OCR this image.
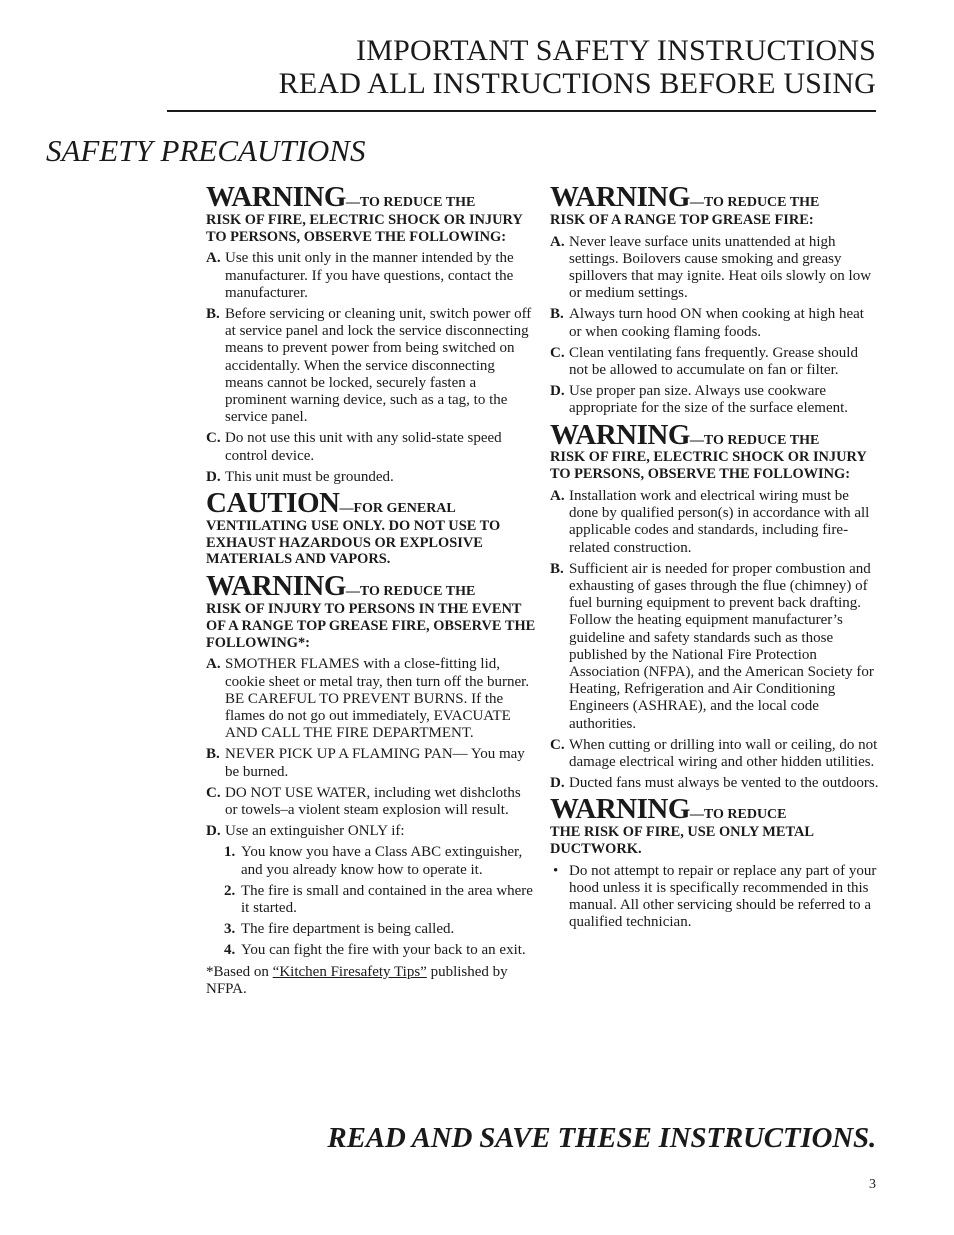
IMPORTANT SAFETY INSTRUCTIONS
READ ALL INSTRUCTIONS BEFORE USING
SAFETY PRECAUTIONS
WARNING—TO REDUCE THE
RISK OF FIRE, ELECTRIC SHOCK OR INJURY TO PERSONS, OBSERVE THE FOLLOWING:
A. Use this unit only in the manner intended by the manufacturer. If you have questions, contact the manufacturer.
B. Before servicing or cleaning unit, switch power off at service panel and lock the service disconnecting means to prevent power from being switched on accidentally. When the service disconnecting means cannot be locked, securely fasten a prominent warning device, such as a tag, to the service panel.
C. Do not use this unit with any solid-state speed control device.
D. This unit must be grounded.
CAUTION—FOR GENERAL
VENTILATING USE ONLY. DO NOT USE TO EXHAUST HAZARDOUS OR EXPLOSIVE MATERIALS AND VAPORS.
WARNING—TO REDUCE THE
RISK OF INJURY TO PERSONS IN THE EVENT OF A RANGE TOP GREASE FIRE, OBSERVE THE FOLLOWING*:
A. SMOTHER FLAMES with a close-fitting lid, cookie sheet or metal tray, then turn off the burner. BE CAREFUL TO PREVENT BURNS. If the flames do not go out immediately, EVACUATE AND CALL THE FIRE DEPARTMENT.
B. NEVER PICK UP A FLAMING PAN— You may be burned.
C. DO NOT USE WATER, including wet dishcloths or towels–a violent steam explosion will result.
D. Use an extinguisher ONLY if:
1. You know you have a Class ABC extinguisher, and you already know how to operate it.
2. The fire is small and contained in the area where it started.
3. The fire department is being called.
4. You can fight the fire with your back to an exit.
*Based on “Kitchen Firesafety Tips” published by NFPA.
WARNING—TO REDUCE THE
RISK OF A RANGE TOP GREASE FIRE:
A. Never leave surface units unattended at high settings. Boilovers cause smoking and greasy spillovers that may ignite. Heat oils slowly on low or medium settings.
B. Always turn hood ON when cooking at high heat or when cooking flaming foods.
C. Clean ventilating fans frequently. Grease should not be allowed to accumulate on fan or filter.
D. Use proper pan size. Always use cookware appropriate for the size of the surface element.
WARNING—TO REDUCE THE
RISK OF FIRE, ELECTRIC SHOCK OR INJURY TO PERSONS, OBSERVE THE FOLLOWING:
A. Installation work and electrical wiring must be done by qualified person(s) in accordance with all applicable codes and standards, including fire-related construction.
B. Sufficient air is needed for proper combustion and exhausting of gases through the flue (chimney) of fuel burning equipment to prevent back drafting. Follow the heating equipment manufacturer’s guideline and safety standards such as those published by the National Fire Protection Association (NFPA), and the American Society for Heating, Refrigeration and Air Conditioning Engineers (ASHRAE), and the local code authorities.
C. When cutting or drilling into wall or ceiling, do not damage electrical wiring and other hidden utilities.
D. Ducted fans must always be vented to the outdoors.
WARNING—TO REDUCE
THE RISK OF FIRE, USE ONLY METAL DUCTWORK.
• Do not attempt to repair or replace any part of your hood unless it is specifically recommended in this manual. All other servicing should be referred to a qualified technician.
READ AND SAVE THESE INSTRUCTIONS.
3
